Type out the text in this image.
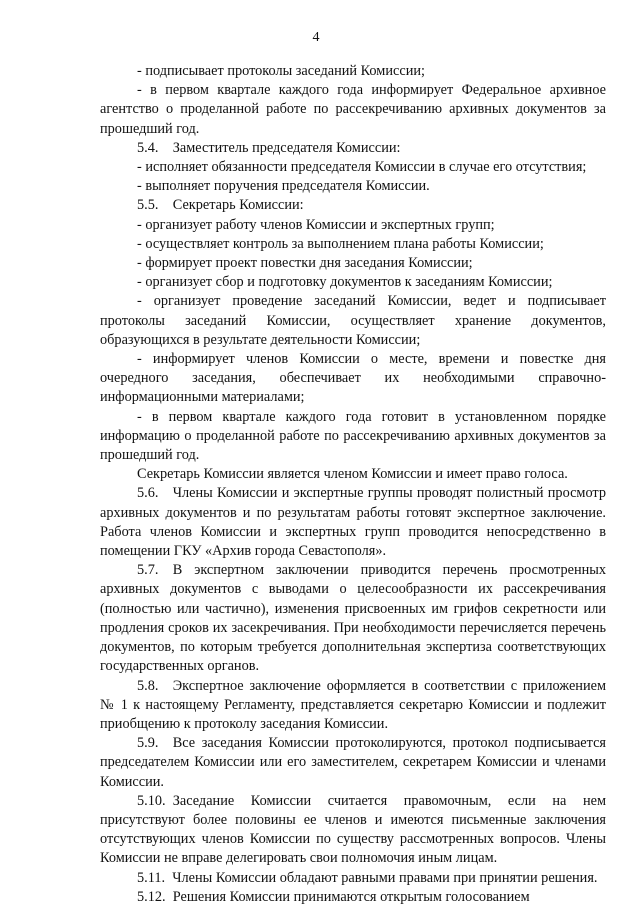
4

- подписывает протоколы заседаний Комиссии;

- в первом квартале каждого года информирует Федеральное архивное агентство о проделанной работе по рассекречиванию архивных документов за прошедший год.

5.4. Заместитель председателя Комиссии:

- исполняет обязанности председателя Комиссии в случае его отсутствия;

- выполняет поручения председателя Комиссии.

5.5. Секретарь Комиссии:

- организует работу членов Комиссии и экспертных групп;

- осуществляет контроль за выполнением плана работы Комиссии;

- формирует проект повестки дня заседания Комиссии;

- организует сбор и подготовку документов к заседаниям Комиссии;

- организует проведение заседаний Комиссии, ведет и подписывает протоколы заседаний Комиссии, осуществляет хранение документов, образующихся в результате деятельности Комиссии;

- информирует членов Комиссии о месте, времени и повестке дня очередного заседания, обеспечивает их необходимыми справочно-информационными материалами;

- в первом квартале каждого года готовит в установленном порядке информацию о проделанной работе по рассекречиванию архивных документов за прошедший год.

Секретарь Комиссии является членом Комиссии и имеет право голоса.

5.6. Члены Комиссии и экспертные группы проводят полистный просмотр архивных документов и по результатам работы готовят экспертное заключение. Работа членов Комиссии и экспертных групп проводится непосредственно в помещении ГКУ «Архив города Севастополя».

5.7. В экспертном заключении приводится перечень просмотренных архивных документов с выводами о целесообразности их рассекречивания (полностью или частично), изменения присвоенных им грифов секретности или продления сроков их засекречивания. При необходимости перечисляется перечень документов, по которым требуется дополнительная экспертиза соответствующих государственных органов.

5.8. Экспертное заключение оформляется в соответствии с приложением № 1 к настоящему Регламенту, представляется секретарю Комиссии и подлежит приобщению к протоколу заседания Комиссии.

5.9. Все заседания Комиссии протоколируются, протокол подписывается председателем Комиссии или его заместителем, секретарем Комиссии и членами Комиссии.

5.10. Заседание Комиссии считается правомочным, если на нем присутствуют более половины ее членов и имеются письменные заключения отсутствующих членов Комиссии по существу рассмотренных вопросов. Члены Комиссии не вправе делегировать свои полномочия иным лицам.

5.11. Члены Комиссии обладают равными правами при принятии решения.

5.12. Решения Комиссии принимаются открытым голосованием
